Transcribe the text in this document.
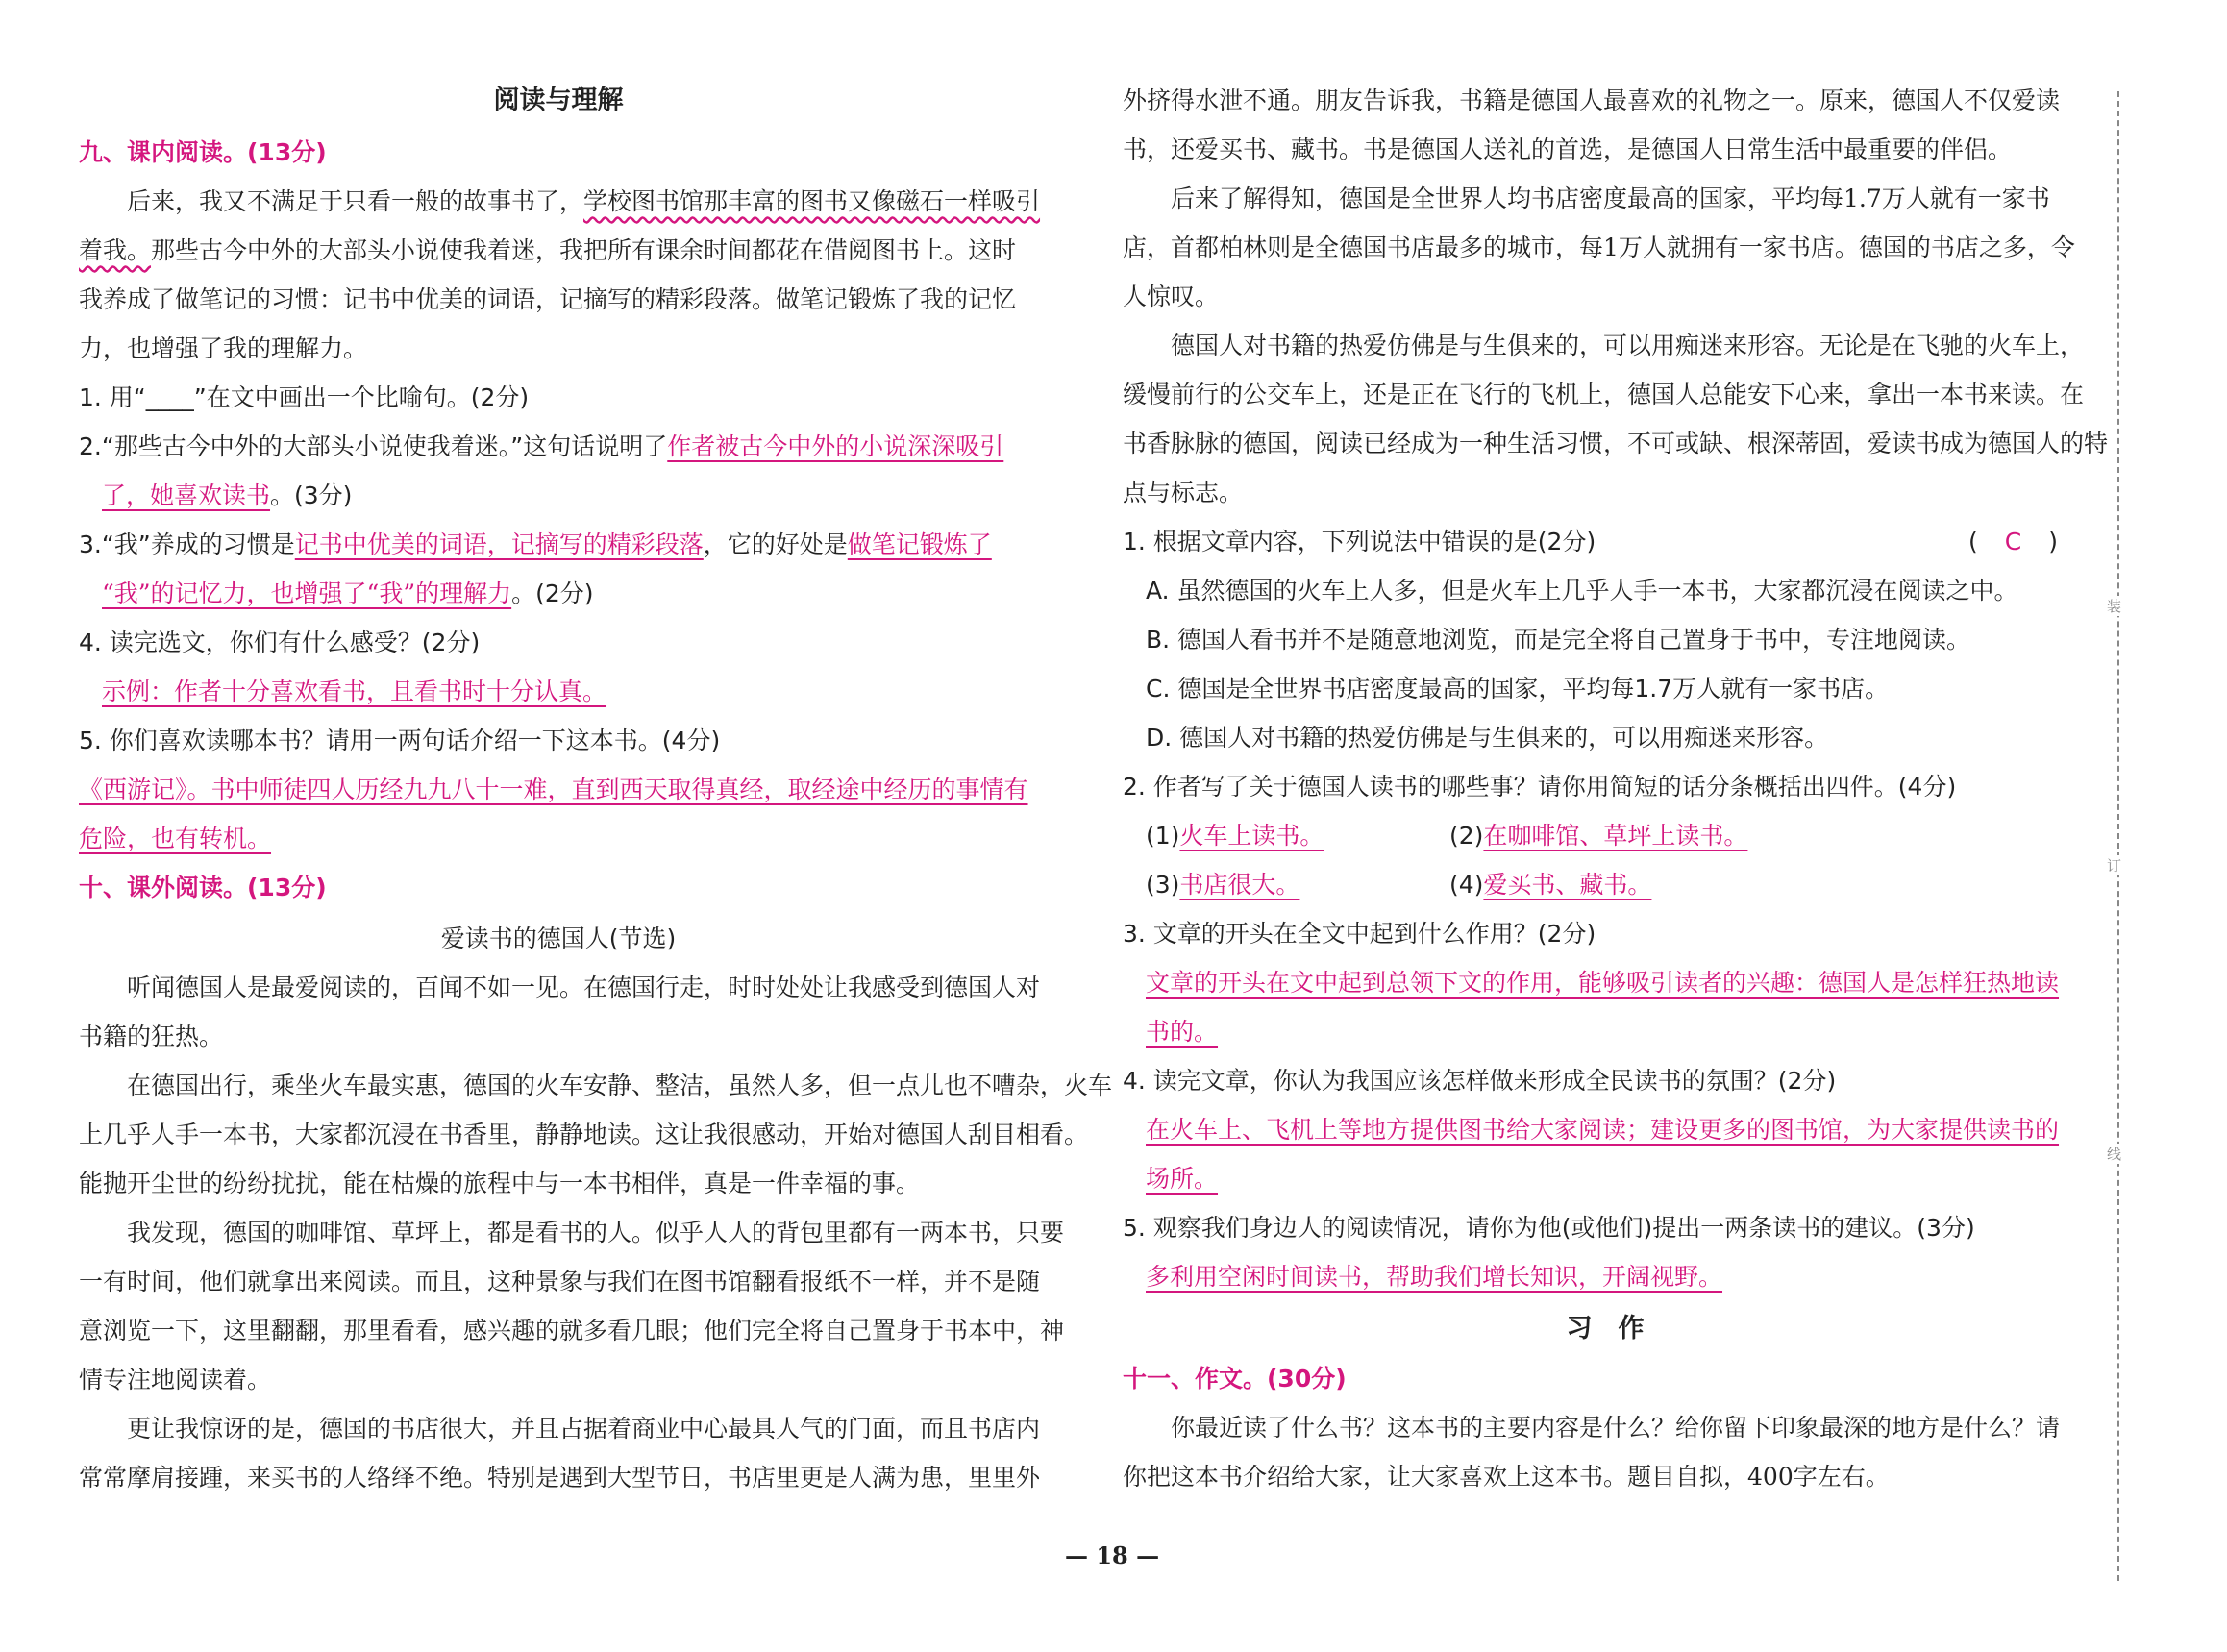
阅读与理解
九、课内阅读。(13分)
后来，我又不满足于只看一般的故事书了，学校图书馆那丰富的图书又像磁石一样吸引
着我。那些古今中外的大部头小说使我着迷，我把所有课余时间都花在借阅图书上。这时
我养成了做笔记的习惯：记书中优美的词语，记摘写的精彩段落。做笔记锻炼了我的记忆
力，也增强了我的理解力。
1. 用“____”在文中画出一个比喻句。(2分)
2.“那些古今中外的大部头小说使我着迷。”这句话说明了作者被古今中外的小说深深吸引
了，她喜欢读书。(3分)
3.“我”养成的习惯是记书中优美的词语，记摘写的精彩段落，它的好处是做笔记锻炼了
“我”的记忆力，也增强了“我”的理解力。(2分)
4. 读完选文，你们有什么感受？(2分)
示例：作者十分喜欢看书，且看书时十分认真。
5. 你们喜欢读哪本书？请用一两句话介绍一下这本书。(4分)
《西游记》。书中师徒四人历经九九八十一难，直到西天取得真经，取经途中经历的事情有
危险，也有转机。
十、课外阅读。(13分)
爱读书的德国人(节选)
听闻德国人是最爱阅读的，百闻不如一见。在德国行走，时时处处让我感受到德国人对
书籍的狂热。
在德国出行，乘坐火车最实惠，德国的火车安静、整洁，虽然人多，但一点儿也不嘈杂，火车
上几乎人手一本书，大家都沉浸在书香里，静静地读。这让我很感动，开始对德国人刮目相看。
能抛开尘世的纷纷扰扰，能在枯燥的旅程中与一本书相伴，真是一件幸福的事。
我发现，德国的咖啡馆、草坪上，都是看书的人。似乎人人的背包里都有一两本书，只要
一有时间，他们就拿出来阅读。而且，这种景象与我们在图书馆翻看报纸不一样，并不是随
意浏览一下，这里翻翻，那里看看，感兴趣的就多看几眼；他们完全将自己置身于书本中，神
情专注地阅读着。
更让我惊讶的是，德国的书店很大，并且占据着商业中心最具人气的门面，而且书店内
常常摩肩接踵，来买书的人络绎不绝。特别是遇到大型节日，书店里更是人满为患，里里外
外挤得水泄不通。朋友告诉我，书籍是德国人最喜欢的礼物之一。原来，德国人不仅爱读
书，还爱买书、藏书。书是德国人送礼的首选，是德国人日常生活中最重要的伴侣。
后来了解得知，德国是全世界人均书店密度最高的国家，平均每1.7万人就有一家书
店，首都柏林则是全德国书店最多的城市，每1万人就拥有一家书店。德国的书店之多，令
人惊叹。
德国人对书籍的热爱仿佛是与生俱来的，可以用痴迷来形容。无论是在飞驰的火车上，
缓慢前行的公交车上，还是正在飞行的飞机上，德国人总能安下心来，拿出一本书来读。在
书香脉脉的德国，阅读已经成为一种生活习惯，不可或缺、根深蒂固，爱读书成为德国人的特
点与标志。
1. 根据文章内容，下列说法中错误的是(2分)	( C )
A. 虽然德国的火车上人多，但是火车上几乎人手一本书，大家都沉浸在阅读之中。
B. 德国人看书并不是随意地浏览，而是完全将自己置身于书中，专注地阅读。
C. 德国是全世界书店密度最高的国家，平均每1.7万人就有一家书店。
D. 德国人对书籍的热爱仿佛是与生俱来的，可以用痴迷来形容。
2. 作者写了关于德国人读书的哪些事？请你用简短的话分条概括出四件。(4分)
(1)火车上读书。	(2)在咖啡馆、草坪上读书。
(3)书店很大。	(4)爱买书、藏书。
3. 文章的开头在全文中起到什么作用？(2分)
文章的开头在文中起到总领下文的作用，能够吸引读者的兴趣：德国人是怎样狂热地读
书的。
4. 读完文章，你认为我国应该怎样做来形成全民读书的氛围？(2分)
在火车上、飞机上等地方提供图书给大家阅读；建设更多的图书馆，为大家提供读书的
场所。
5. 观察我们身边人的阅读情况，请你为他(或他们)提出一两条读书的建议。(3分)
多利用空闲时间读书，帮助我们增长知识，开阔视野。
习　作
十一、作文。(30分)
你最近读了什么书？这本书的主要内容是什么？给你留下印象最深的地方是什么？请
你把这本书介绍给大家，让大家喜欢上这本书。题目自拟，400字左右。
装
订
线
— 18 —
